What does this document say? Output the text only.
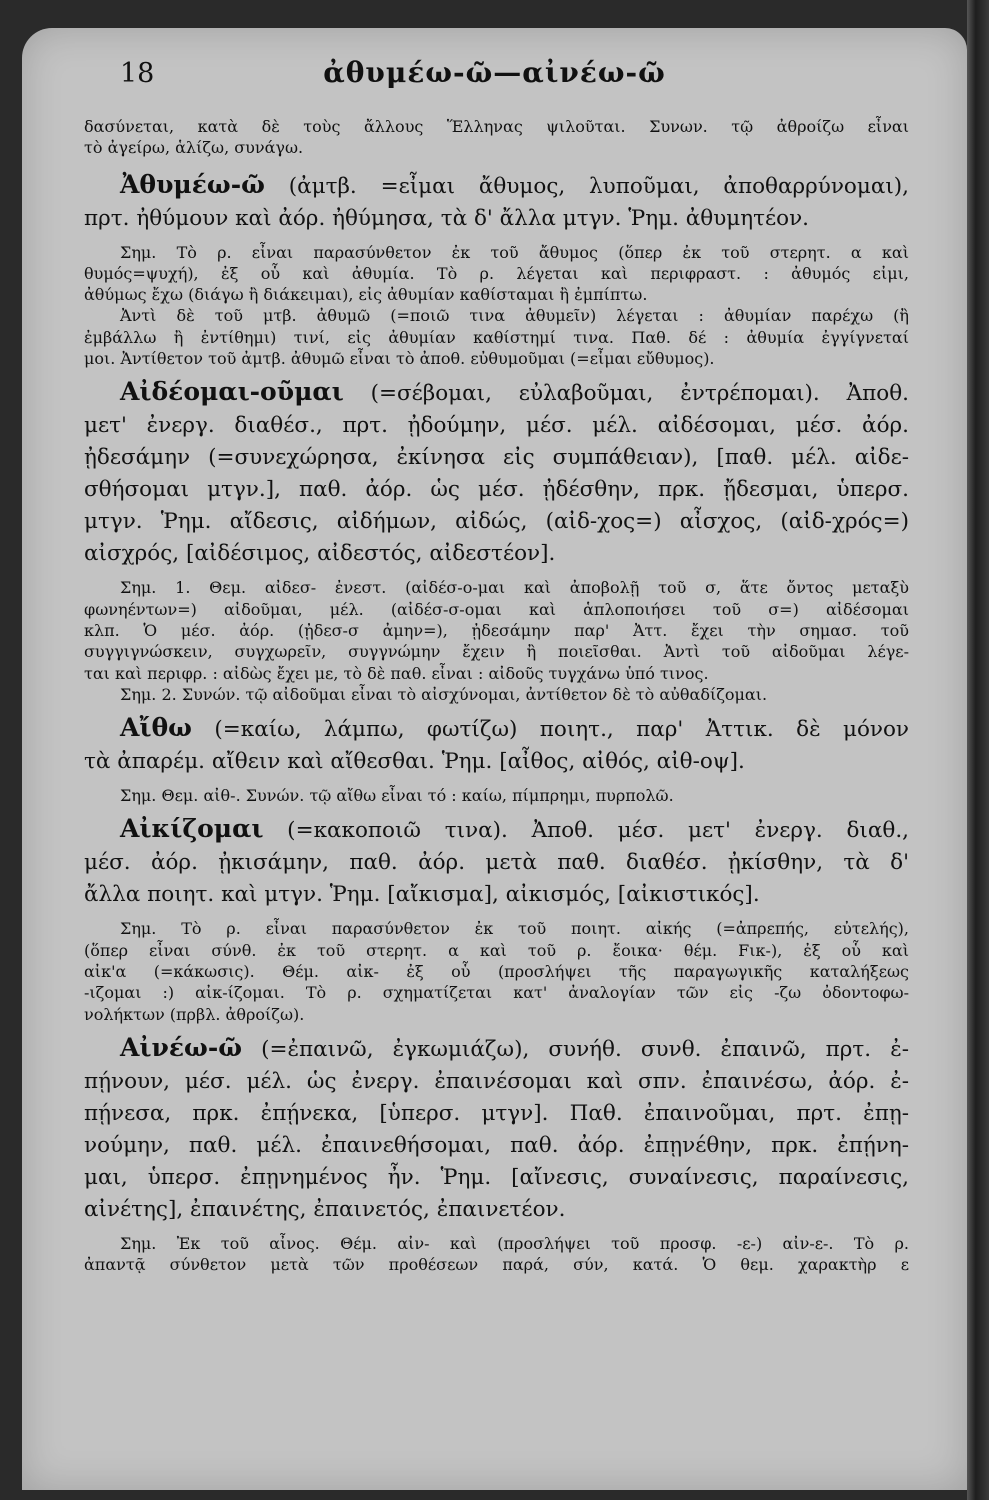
18	ἀθυμέω-ῶ—αἰνέω-ῶ

δασύνεται, κατὰ δὲ τοὺς ἄλλους Ἕλληνας ψιλοῦται. Συνων. τῷ ἀθροίζω εἶναι
τὸ ἀγείρω, ἁλίζω, συνάγω.

Ἀθυμέω-ῶ (ἀμτβ. =εἶμαι ἄθυμος, λυποῦμαι, ἀποθαρρύνομαι),
πρτ. ἠθύμουν καὶ ἀόρ. ἠθύμησα, τὰ δ' ἄλλα μτγν. Ῥημ. ἀθυμητέον.

Σημ. Τὸ ρ. εἶναι παρασύνθετον ἐκ τοῦ ἄθυμος (ὅπερ ἐκ τοῦ στερητ. α καὶ
θυμός=ψυχή), ἐξ οὗ καὶ ἀθυμία. Τὸ ρ. λέγεται καὶ περιφραστ. : ἀθυμός εἰμι,
ἀθύμως ἔχω (διάγω ἢ διάκειμαι), εἰς ἀθυμίαν καθίσταμαι ἢ ἐμπίπτω.
Ἀντὶ δὲ τοῦ μτβ. ἀθυμῶ (=ποιῶ τινα ἀθυμεῖν) λέγεται : ἀθυμίαν παρέχω (ἢ
ἐμβάλλω ἢ ἐντίθημι) τινί, εἰς ἀθυμίαν καθίστημί τινα. Παθ. δέ : ἀθυμία ἐγγίγνεταί
μοι. Ἀντίθετον τοῦ ἀμτβ. ἀθυμῶ εἶναι τὸ ἀποθ. εὐθυμοῦμαι (=εἶμαι εὔθυμος).

Αἰδέομαι-οῦμαι (=σέβομαι, εὐλαβοῦμαι, ἐντρέπομαι). Ἀποθ.
μετ' ἐνεργ. διαθέσ., πρτ. ᾐδούμην, μέσ. μέλ. αἰδέσομαι, μέσ. ἀόρ.
ᾐδεσάμην (=συνεχώρησα, ἐκίνησα εἰς συμπάθειαν), [παθ. μέλ. αἰδε-
σθήσομαι μτγν.], παθ. ἀόρ. ὡς μέσ. ᾐδέσθην, πρκ. ᾔδεσμαι, ὑπερσ.
μτγν. Ῥημ. αἴδεσις, αἰδήμων, αἰδώς, (αἰδ-χος=) αἶσχος, (αἰδ-χρός=)
αἰσχρός, [αἰδέσιμος, αἰδεστός, αἰδεστέον].

Σημ. 1. Θεμ. αἰδεσ- ἐνεστ. (αἰδέσ-ο-μαι καὶ ἀποβολῇ τοῦ σ, ἅτε ὄντος μεταξὺ
φωνηέντων=) αἰδοῦμαι, μέλ. (αἰδέσ-σ-ομαι καὶ ἁπλοποιήσει τοῦ σ=) αἰδέσομαι
κλπ. Ὁ μέσ. ἀόρ. (ᾐδεσ-σ ἀμην=), ᾐδεσάμην παρ' Ἀττ. ἔχει τὴν σημασ. τοῦ
συγγιγνώσκειν, συγχωρεῖν, συγγνώμην ἔχειν ἢ ποιεῖσθαι. Ἀντὶ τοῦ αἰδοῦμαι λέγε-
ται καὶ περιφρ. : αἰδὼς ἔχει με, τὸ δὲ παθ. εἶναι : αἰδοῦς τυγχάνω ὑπό τινος.
Σημ. 2. Συνών. τῷ αἰδοῦμαι εἶναι τὸ αἰσχύνομαι, ἀντίθετον δὲ τὸ αὐθαδίζομαι.

Αἴθω (=καίω, λάμπω, φωτίζω) ποιητ., παρ' Ἀττικ. δὲ μόνον
τὰ ἀπαρέμ. αἴθειν καὶ αἴθεσθαι. Ῥημ. [αἶθος, αἰθός, αἰθ-οψ].

Σημ. Θεμ. αἰθ-. Συνών. τῷ αἴθω εἶναι τό : καίω, πίμπρημι, πυρπολῶ.

Αἰκίζομαι (=κακοποιῶ τινα). Ἀποθ. μέσ. μετ' ἐνεργ. διαθ.,
μέσ. ἀόρ. ᾐκισάμην, παθ. ἀόρ. μετὰ παθ. διαθέσ. ᾐκίσθην, τὰ δ'
ἄλλα ποιητ. καὶ μτγν. Ῥημ. [αἴκισμα], αἰκισμός, [αἰκιστικός].

Σημ. Τὸ ρ. εἶναι παρασύνθετον ἐκ τοῦ ποιητ. αἰκής (=ἀπρεπής, εὐτελής),
(ὅπερ εἶναι σύνθ. ἐκ τοῦ στερητ. α καὶ τοῦ ρ. ἔοικα· θέμ. Fικ-), ἐξ οὗ καὶ
αἰκ'α (=κάκωσις). Θέμ. αἰκ- ἐξ οὗ (προσλήψει τῆς παραγωγικῆς καταλήξεως
-ιζομαι :) αἰκ-ίζομαι. Τὸ ρ. σχηματίζεται κατ' ἀναλογίαν τῶν εἰς -ζω ὀδοντοφω-
νολήκτων (πρβλ. ἀθροίζω).

Αἰνέω-ῶ (=ἐπαινῶ, ἐγκωμιάζω), συνήθ. συνθ. ἐπαινῶ, πρτ. ἐ-
πῄνουν, μέσ. μέλ. ὡς ἐνεργ. ἐπαινέσομαι καὶ σπν. ἐπαινέσω, ἀόρ. ἐ-
πῄνεσα, πρκ. ἐπῄνεκα, [ὑπερσ. μτγν]. Παθ. ἐπαινοῦμαι, πρτ. ἐπῃ-
νούμην, παθ. μέλ. ἐπαινεθήσομαι, παθ. ἀόρ. ἐπῃνέθην, πρκ. ἐπῄνη-
μαι, ὑπερσ. ἐπῃνημένος ἦν. Ῥημ. [αἴνεσις, συναίνεσις, παραίνεσις,
αἰνέτης], ἐπαινέτης, ἐπαινετός, ἐπαινετέον.

Σημ. Ἐκ τοῦ αἶνος. Θέμ. αἰν- καὶ (προσλήψει τοῦ προσφ. -ε-) αἰν-ε-. Τὸ ρ.
ἀπαντᾷ σύνθετον μετὰ τῶν προθέσεων παρά, σύν, κατά. Ὁ θεμ. χαρακτὴρ ε
